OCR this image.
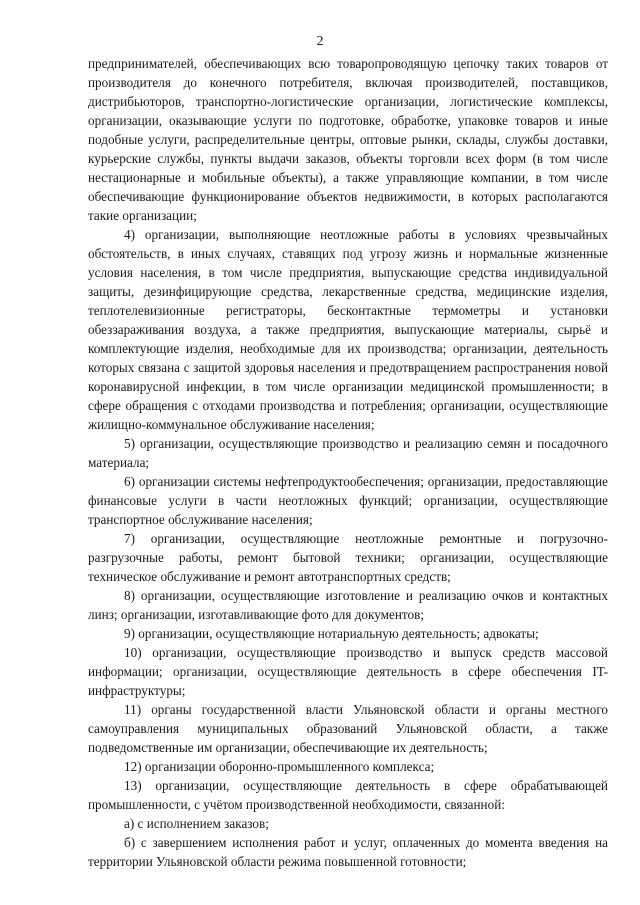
2

предпринимателей, обеспечивающих всю товаропроводящую цепочку таких товаров от производителя до конечного потребителя, включая производителей, поставщиков, дистрибьюторов, транспортно-логистические организации, логистические комплексы, организации, оказывающие услуги по подготовке, обработке, упаковке товаров и иные подобные услуги, распределительные центры, оптовые рынки, склады, службы доставки, курьерские службы, пункты выдачи заказов, объекты торговли всех форм (в том числе нестационарные и мобильные объекты), а также управляющие компании, в том числе обеспечивающие функционирование объектов недвижимости, в которых располагаются такие организации;

4) организации, выполняющие неотложные работы в условиях чрезвычайных обстоятельств, в иных случаях, ставящих под угрозу жизнь и нормальные жизненные условия населения, в том числе предприятия, выпускающие средства индивидуальной защиты, дезинфицирующие средства, лекарственные средства, медицинские изделия, теплотелевизионные регистраторы, бесконтактные термометры и установки обеззараживания воздуха, а также предприятия, выпускающие материалы, сырьё и комплектующие изделия, необходимые для их производства; организации, деятельность которых связана с защитой здоровья населения и предотвращением распространения новой коронавирусной инфекции, в том числе организации медицинской промышленности; в сфере обращения с отходами производства и потребления; организации, осуществляющие жилищно-коммунальное обслуживание населения;

5) организации, осуществляющие производство и реализацию семян и посадочного материала;

6) организации системы нефтепродуктообеспечения; организации, предоставляющие финансовые услуги в части неотложных функций; организации, осуществляющие транспортное обслуживание населения;

7) организации, осуществляющие неотложные ремонтные и погрузочно-разгрузочные работы, ремонт бытовой техники; организации, осуществляющие техническое обслуживание и ремонт автотранспортных средств;

8) организации, осуществляющие изготовление и реализацию очков и контактных линз; организации, изготавливающие фото для документов;

9) организации, осуществляющие нотариальную деятельность; адвокаты;

10) организации, осуществляющие производство и выпуск средств массовой информации; организации, осуществляющие деятельность в сфере обеспечения IT-инфраструктуры;

11) органы государственной власти Ульяновской области и органы местного самоуправления муниципальных образований Ульяновской области, а также подведомственные им организации, обеспечивающие их деятельность;

12) организации оборонно-промышленного комплекса;

13) организации, осуществляющие деятельность в сфере обрабатывающей промышленности, с учётом производственной необходимости, связанной:

а) с исполнением заказов;

б) с завершением исполнения работ и услуг, оплаченных до момента введения на территории Ульяновской области режима повышенной готовности;
